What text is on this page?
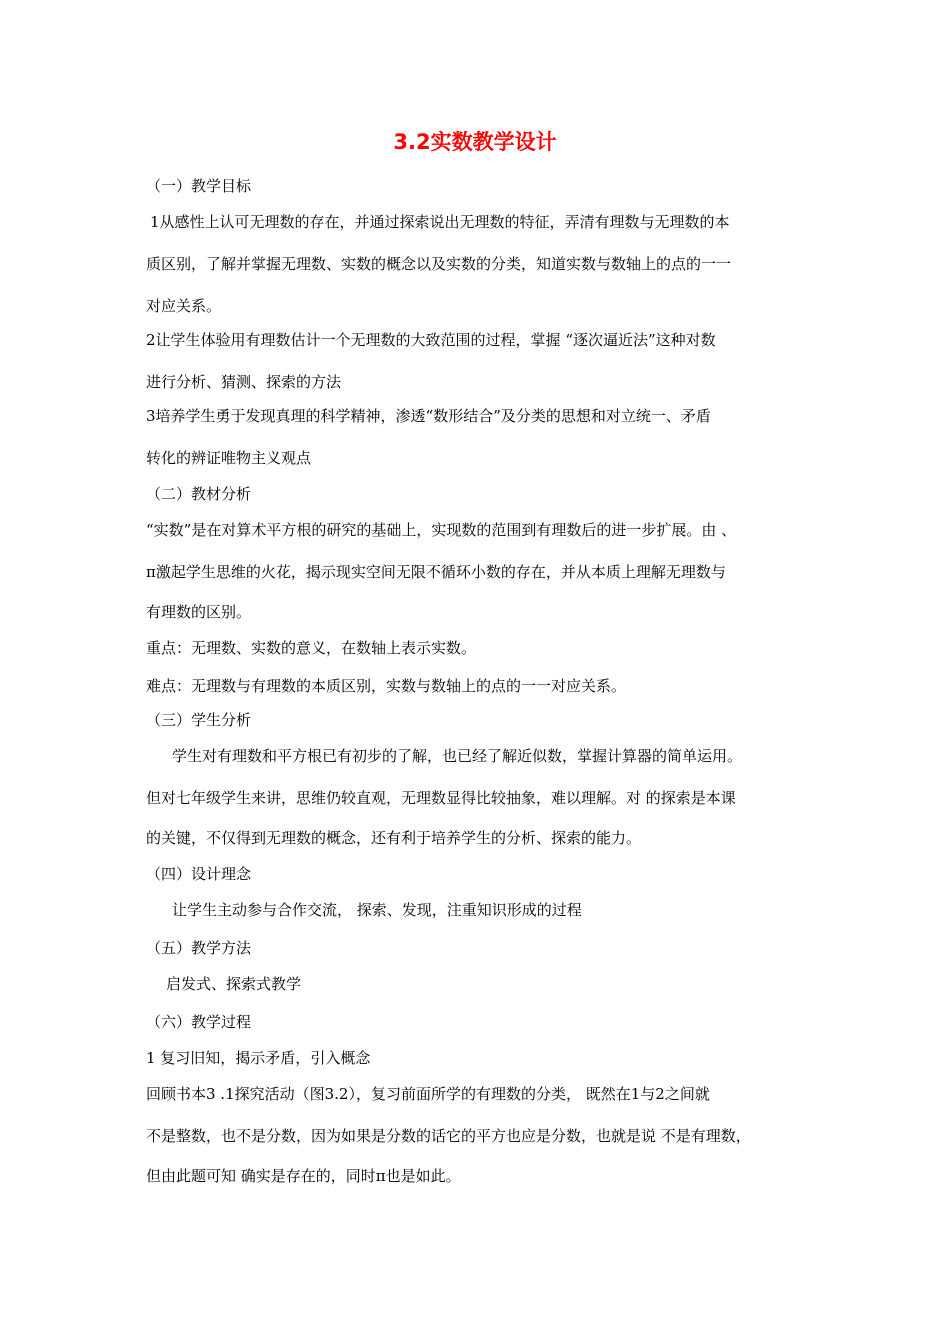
3.2实数教学设计
（一）教学目标
1从感性上认可无理数的存在，并通过探索说出无理数的特征，弄清有理数与无理数的本
质区别，了解并掌握无理数、实数的概念以及实数的分类，知道实数与数轴上的点的一一
对应关系。
2让学生体验用有理数估计一个无理数的大致范围的过程，掌握 “逐次逼近法”这种对数
进行分析、猜测、探索的方法
3培养学生勇于发现真理的科学精神，渗透“数形结合”及分类的思想和对立统一、矛盾
转化的辨证唯物主义观点
（二）教材分析
“实数”是在对算术平方根的研究的基础上，实现数的范围到有理数后的进一步扩展。由 、
π激起学生思维的火花，揭示现实空间无限不循环小数的存在，并从本质上理解无理数与
有理数的区别。
重点：无理数、实数的意义，在数轴上表示实数。
难点：无理数与有理数的本质区别，实数与数轴上的点的一一对应关系。
（三）学生分析
学生对有理数和平方根已有初步的了解，也已经了解近似数，掌握计算器的简单运用。
但对七年级学生来讲，思维仍较直观，无理数显得比较抽象，难以理解。对 的探索是本课
的关键，不仅得到无理数的概念，还有利于培养学生的分析、探索的能力。
（四）设计理念
让学生主动参与合作交流， 探索、发现，注重知识形成的过程
（五）教学方法
启发式、探索式教学
（六）教学过程
1 复习旧知，揭示矛盾，引入概念
回顾书本3 .1探究活动（图3.2），复习前面所学的有理数的分类， 既然在1与2之间就
不是整数，也不是分数，因为如果是分数的话它的平方也应是分数，也就是说 不是有理数，
但由此题可知 确实是存在的，同时π也是如此。
